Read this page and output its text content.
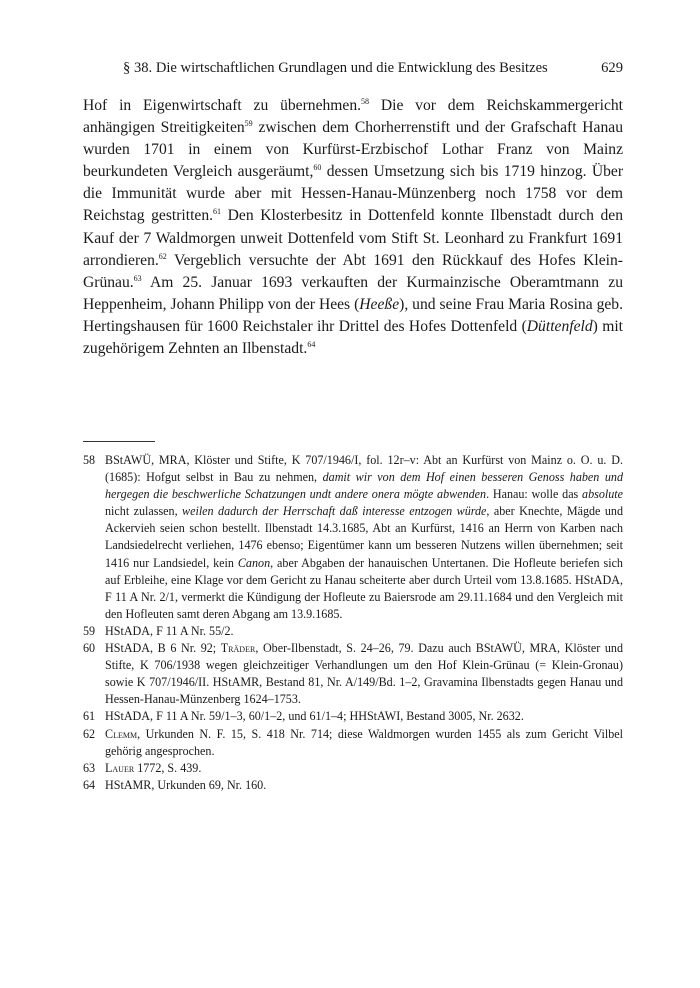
§ 38. Die wirtschaftlichen Grundlagen und die Entwicklung des Besitzes	629

Hof in Eigenwirtschaft zu übernehmen.$^{58}$ Die vor dem Reichskammergericht anhängigen Streitigkeiten$^{59}$ zwischen dem Chorherrenstift und der Grafschaft Hanau wurden 1701 in einem von Kurfürst-Erzbischof Lothar Franz von Mainz beurkundeten Vergleich ausgeräumt,$^{60}$ dessen Umsetzung sich bis 1719 hinzog. Über die Immunität wurde aber mit Hessen-Hanau-Münzenberg noch 1758 vor dem Reichstag gestritten.$^{61}$ Den Klosterbesitz in Dottenfeld konnte Ilbenstadt durch den Kauf der 7 Waldmorgen unweit Dottenfeld vom Stift St. Leonhard zu Frankfurt 1691 arrondieren.$^{62}$ Vergeblich versuchte der Abt 1691 den Rückkauf des Hofes Klein-Grünau.$^{63}$ Am 25. Januar 1693 verkauften der Kurmainzische Oberamtmann zu Heppenheim, Johann Philipp von der Hees (Heeße), und seine Frau Maria Rosina geb. Hertingshausen für 1600 Reichstaler ihr Drittel des Hofes Dottenfeld (Düttenfeld) mit zugehörigem Zehnten an Ilbenstadt.$^{64}$

58 BStAWÜ, MRA, Klöster und Stifte, K 707/1946/I, fol. 12r–v: Abt an Kurfürst von Mainz o. O. u. D. (1685): Hofgut selbst in Bau zu nehmen, damit wir von dem Hof einen besseren Genoss haben und hergegen die beschwerliche Schatzungen undt andere onera mögte abwenden. Hanau: wolle das absolute nicht zulassen, weilen dadurch der Herrschaft daß interesse entzogen würde, aber Knechte, Mägde und Ackervieh seien schon bestellt. Ilbenstadt 14.3.1685, Abt an Kurfürst, 1416 an Herrn von Karben nach Landsiedelrecht verliehen, 1476 ebenso; Eigentümer kann um besseren Nutzens willen übernehmen; seit 1416 nur Landsiedel, kein Canon, aber Abgaben der hanauischen Untertanen. Die Hofleute beriefen sich auf Erbleihe, eine Klage vor dem Gericht zu Hanau scheiterte aber durch Urteil vom 13.8.1685. HStADA, F 11 A Nr. 2/1, vermerkt die Kündigung der Hofleute zu Baiersrode am 29.11.1684 und den Vergleich mit den Hofleuten samt deren Abgang am 13.9.1685.
59 HStADA, F 11 A Nr. 55/2.
60 HStADA, B 6 Nr. 92; Träder, Ober-Ilbenstadt, S. 24–26, 79. Dazu auch BStAWÜ, MRA, Klöster und Stifte, K 706/1938 wegen gleichzeitiger Verhandlungen um den Hof Klein-Grünau (= Klein-Gronau) sowie K 707/1946/II. HStAMR, Bestand 81, Nr. A/149/Bd. 1–2, Gravamina Ilbenstadts gegen Hanau und Hessen-Hanau-Münzenberg 1624–1753.
61 HStADA, F 11 A Nr. 59/1–3, 60/1–2, und 61/1–4; HHStAWI, Bestand 3005, Nr. 2632.
62 Clemm, Urkunden N. F. 15, S. 418 Nr. 714; diese Waldmorgen wurden 1455 als zum Gericht Vilbel gehörig angesprochen.
63 Lauer 1772, S. 439.
64 HStAMR, Urkunden 69, Nr. 160.
